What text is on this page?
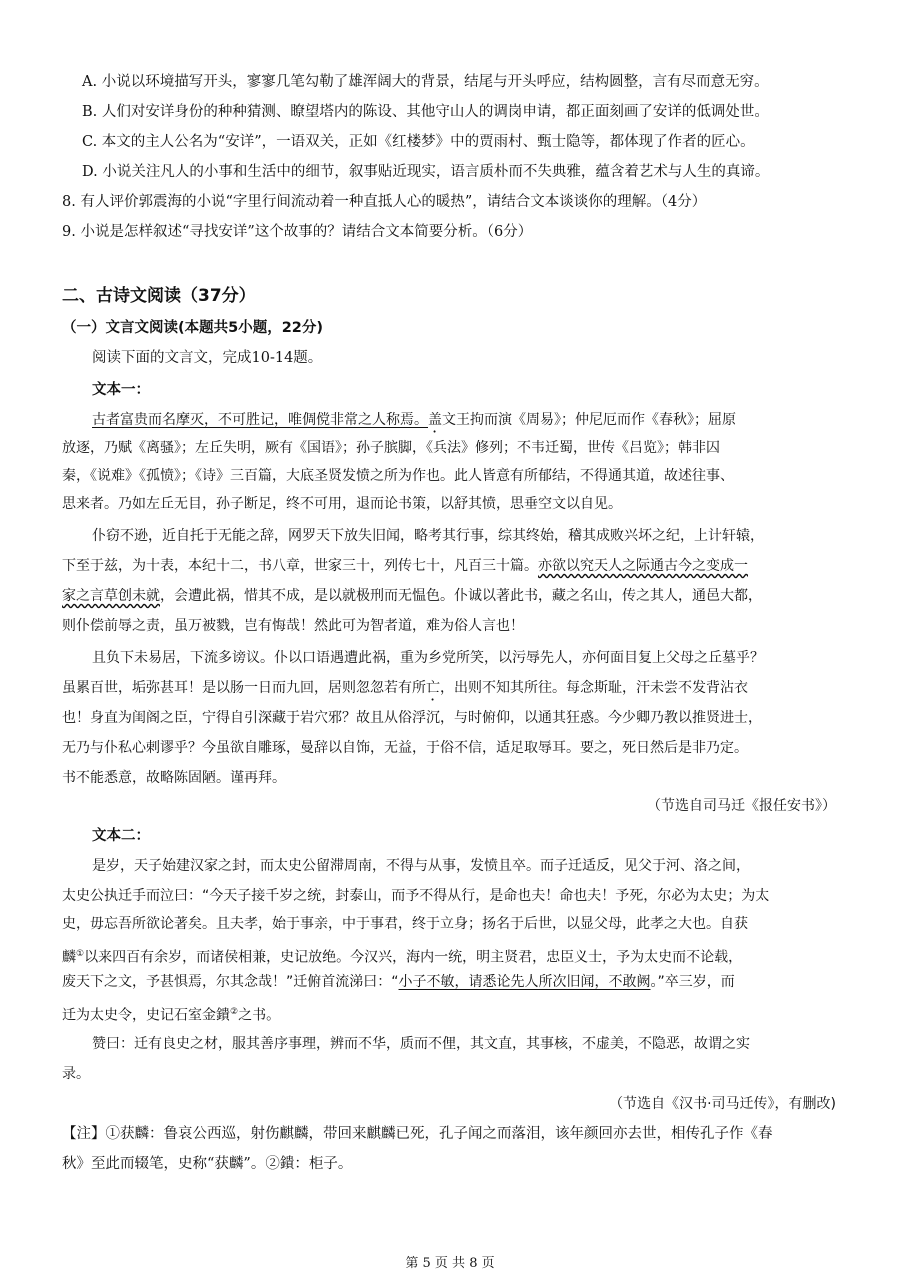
A. 小说以环境描写开头，寥寥几笔勾勒了雄浑阔大的背景，结尾与开头呼应，结构圆整，言有尽而意无穷。

B. 人们对安详身份的种种猜测、瞭望塔内的陈设、其他守山人的调岗申请，都正面刻画了安详的低调处世。

C. 本文的主人公名为“安详”，一语双关，正如《红楼梦》中的贾雨村、甄士隐等，都体现了作者的匠心。

D. 小说关注凡人的小事和生活中的细节，叙事贴近现实，语言质朴而不失典雅，蕴含着艺术与人生的真谛。

8. 有人评价郭震海的小说“字里行间流动着一种直抵人心的暖热”，请结合文本谈谈你的理解。（4分）

9. 小说是怎样叙述“寻找安详”这个故事的？请结合文本简要分析。（6分）

二、古诗文阅读（37分）

（一）文言文阅读(本题共5小题，22分)

阅读下面的文言文，完成10-14题。

文本一：

古者富贵而名摩灭，不可胜记，唯倜傥非常之人称焉。盖文王拘而演《周易》；仲尼厄而作《春秋》；屈原

放逐，乃赋《离骚》；左丘失明，厥有《国语》；孙子膑脚，《兵法》修列；不韦迁蜀，世传《吕览》；韩非囚

秦，《说难》《孤愤》；《诗》三百篇，大底圣贤发愤之所为作也。此人皆意有所郁结，不得通其道，故述往事、

思来者。乃如左丘无目，孙子断足，终不可用，退而论书策，以舒其愤，思垂空文以自见。

仆窃不逊，近自托于无能之辞，网罗天下放失旧闻，略考其行事，综其终始，稽其成败兴坏之纪，上计轩辕，

下至于兹，为十表，本纪十二，书八章，世家三十，列传七十，凡百三十篇。亦欲以究天人之际通古今之变成一

家之言草创未就，会遭此祸，惜其不成，是以就极刑而无愠色。仆诚以著此书，藏之名山，传之其人，通邑大都，

则仆偿前辱之责，虽万被戮，岂有悔哉！然此可为智者道，难为俗人言也！

且负下未易居，下流多谤议。仆以口语遇遭此祸，重为乡党所笑，以污辱先人，亦何面目复上父母之丘墓乎？

虽累百世，垢弥甚耳！是以肠一日而九回，居则忽忽若有所亡，出则不知其所往。每念斯耻，汗未尝不发背沾衣

也！身直为闺阁之臣，宁得自引深藏于岩穴邪？故且从俗浮沉，与时俯仰，以通其狂惑。今少卿乃教以推贤进士，

无乃与仆私心剌谬乎？今虽欲自雕琢，曼辞以自饰，无益，于俗不信，适足取辱耳。要之，死日然后是非乃定。

书不能悉意，故略陈固陋。谨再拜。

（节选自司马迁《报任安书》）

文本二：

是岁，天子始建汉家之封，而太史公留滞周南，不得与从事，发愤且卒。而子迁适反，见父于河、洛之间，

太史公执迁手而泣曰：“今天子接千岁之统，封泰山，而予不得从行，是命也夫！命也夫！予死，尔必为太史；为太

史，毋忘吾所欲论著矣。且夫孝，始于事亲，中于事君，终于立身；扬名于后世，以显父母，此孝之大也。自获

麟①以来四百有余岁，而诸侯相兼，史记放绝。今汉兴，海内一统，明主贤君，忠臣义士，予为太史而不论载，

废天下之文，予甚惧焉，尔其念哉！”迁俯首流涕曰：“小子不敏，请悉论先人所次旧闻，不敢阙。”卒三岁，而

迁为太史令，史记石室金鐀②之书。

赞曰：迁有良史之材，服其善序事理，辨而不华，质而不俚，其文直，其事核，不虚美，不隐恶，故谓之实

录。

（节选自《汉书·司马迁传》，有删改)

【注】①获麟：鲁哀公西巡，射伤麒麟，带回来麒麟已死，孔子闻之而落泪，该年颜回亦去世，相传孔子作《春

秋》至此而辍笔，史称“获麟”。②鐀：柜子。

第 5 页 共 8 页
